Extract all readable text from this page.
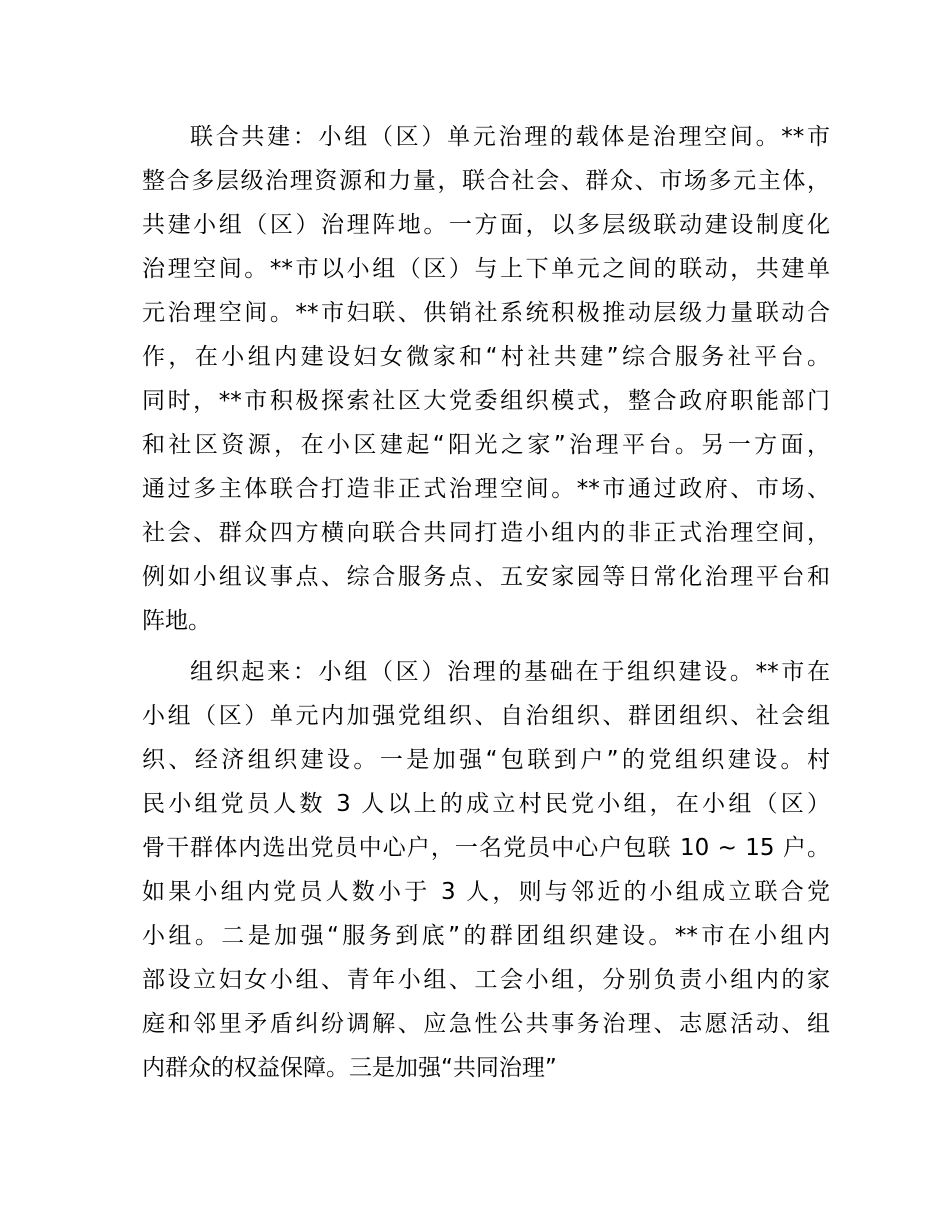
联合共建：小组（区）单元治理的载体是治理空间。**市
整合多层级治理资源和力量，联合社会、群众、市场多元主体，
共建小组（区）治理阵地。一方面，以多层级联动建设制度化
治理空间。**市以小组（区）与上下单元之间的联动，共建单
元治理空间。**市妇联、供销社系统积极推动层级力量联动合
作，在小组内建设妇女微家和“村社共建”综合服务社平台。
同时，**市积极探索社区大党委组织模式，整合政府职能部门
和社区资源，在小区建起“阳光之家”治理平台。另一方面，
通过多主体联合打造非正式治理空间。**市通过政府、市场、
社会、群众四方横向联合共同打造小组内的非正式治理空间，
例如小组议事点、综合服务点、五安家园等日常化治理平台和
阵地。
组织起来：小组（区）治理的基础在于组织建设。**市在
小组（区）单元内加强党组织、自治组织、群团组织、社会组
织、经济组织建设。一是加强“包联到户”的党组织建设。村
民小组党员人数 3 人以上的成立村民党小组，在小组（区）
骨干群体内选出党员中心户，一名党员中心户包联 10 ~ 15 户。
如果小组内党员人数小于 3 人，则与邻近的小组成立联合党
小组。二是加强“服务到底”的群团组织建设。**市在小组内
部设立妇女小组、青年小组、工会小组，分别负责小组内的家
庭和邻里矛盾纠纷调解、应急性公共事务治理、志愿活动、组
内群众的权益保障。三是加强“共同治理”
